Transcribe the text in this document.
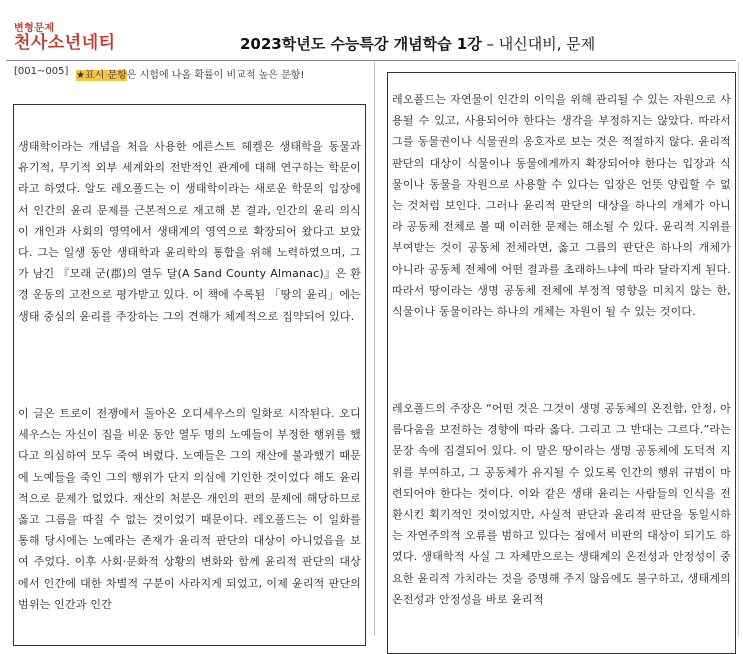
변형문제
천사소년네티	2023학년도 수능특강 개념학습 1강 – 내신대비, 문제
[001~005] ★표시 문항은 시험에 나올 확률이 비교적 높은 문항!
생태학이라는 개념을 처음 사용한 에른스트 헤켈은 생태학을 동물과 유기적, 무기적 외부 세계와의 전반적인 관계에 대해 연구하는 학문이라고 하였다. 알도 레오폴드는 이 생태학이라는 새로운 학문의 입장에서 인간의 윤리 문제를 근본적으로 재고해 본 결과, 인간의 윤리 의식이 개인과 사회의 영역에서 생태계의 영역으로 확장되어 왔다고 보았다. 그는 일생 동안 생태학과 윤리학의 통합을 위해 노력하였으며, 그가 남긴 『모래 군(郡)의 열두 달(A Sand County Almanac)』은 환경 운동의 고전으로 평가받고 있다. 이 책에 수록된 「땅의 윤리」에는 생태 중심의 윤리를 주장하는 그의 견해가 체계적으로 집약되어 있다.
이 글은 트로이 전쟁에서 돌아온 오디세우스의 일화로 시작된다. 오디세우스는 자신이 집을 비운 동안 열두 명의 노예들이 부정한 행위를 했다고 의심하여 모두 죽여 버렸다. 노예들은 그의 재산에 불과했기 때문에 노예들을 죽인 그의 행위가 단지 의심에 기인한 것이었다 해도 윤리적으로 문제가 없었다. 재산의 처분은 개인의 편의 문제에 해당하므로 옳고 그름을 따질 수 없는 것이었기 때문이다. 레오폴드는 이 일화를 통해 당시에는 노예라는 존재가 윤리적 판단의 대상이 아니었음을 보여 주었다. 이후 사회·문화적 상황의 변화와 함께 윤리적 판단의 대상에서 인간에 대한 차별적 구분이 사라지게 되었고, 이제 윤리적 판단의 범위는 인간과 인간
레오폴드는 자연물이 인간의 이익을 위해 관리될 수 있는 자원으로 사용될 수 있고, 사용되어야 한다는 생각을 부정하지는 않았다. 따라서 그를 동물권이나 식물권의 옹호자로 보는 것은 적절하지 않다. 윤리적 판단의 대상이 식물이나 동물에게까지 확장되어야 한다는 입장과 식물이나 동물을 자원으로 사용할 수 있다는 입장은 언뜻 양립할 수 없는 것처럼 보인다. 그러나 윤리적 판단의 대상을 하나의 개체가 아니라 공동체 전체로 볼 때 이러한 문제는 해소될 수 있다. 윤리적 지위를 부여받는 것이 공동체 전체라면, 옳고 그름의 판단은 하나의 개체가 아니라 공동체 전체에 어떤 결과를 초래하느냐에 따라 달라지게 된다. 따라서 땅이라는 생명 공동체 전체에 부정적 영향을 미치지 않는 한, 식물이나 동물이라는 하나의 개체는 자원이 될 수 있는 것이다.
레오폴드의 주장은 “어떤 것은 그것이 생명 공동체의 온전함, 안정, 아름다움을 보전하는 경향에 따라 옳다. 그리고 그 반대는 그르다.”라는 문장 속에 집결되어 있다. 이 말은 땅이라는 생명 공동체에 도덕적 지위를 부여하고, 그 공동체가 유지될 수 있도록 인간의 행위 규범이 마련되어야 한다는 것이다. 이와 같은 생태 윤리는 사람들의 인식을 전환시킨 획기적인 것이었지만, 사실적 판단과 윤리적 판단을 동일시하는 자연주의적 오류를 범하고 있다는 점에서 비판의 대상이 되기도 하였다. 생태학적 사실 그 자체만으로는 생태계의 온전성과 안정성이 중요한 윤리적 가치라는 것을 증명해 주지 않음에도 불구하고, 생태계의 온전성과 안정성을 바로 윤리적
